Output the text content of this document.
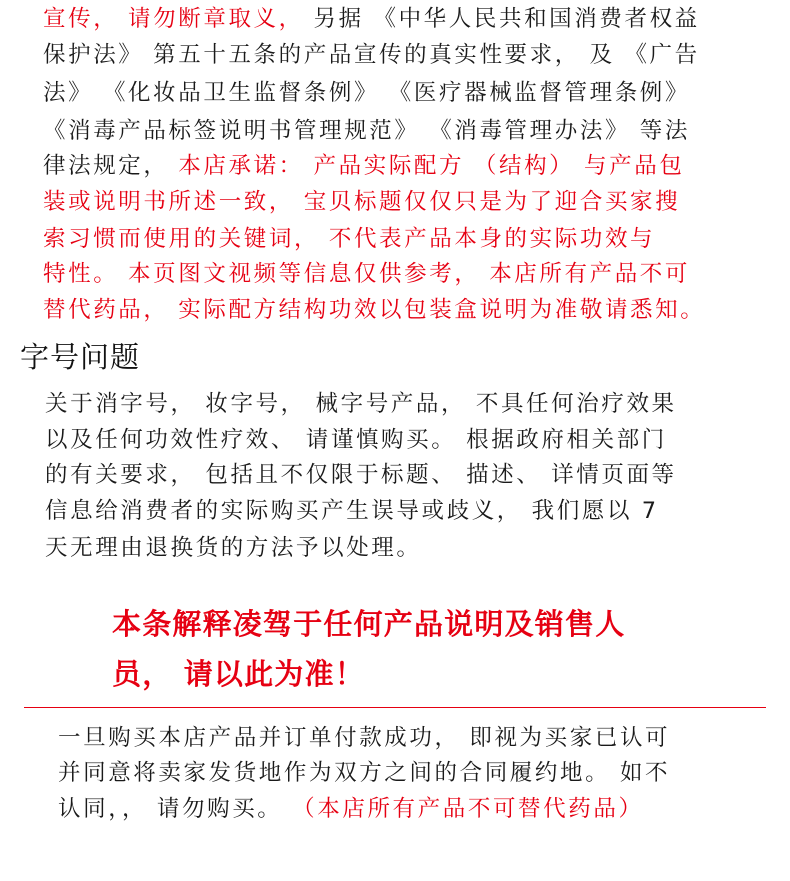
宣传， 请勿断章取义， 另据 《中华人民共和国消费者权益
保护法》 第五十五条的产品宣传的真实性要求， 及 《广告
法》 《化妆品卫生监督条例》 《医疗器械监督管理条例》
《消毒产品标签说明书管理规范》 《消毒管理办法》 等法
律法规定， 本店承诺： 产品实际配方 （结构） 与产品包
装或说明书所述一致， 宝贝标题仅仅只是为了迎合买家搜
索习惯而使用的关键词， 不代表产品本身的实际功效与
特性。 本页图文视频等信息仅供参考， 本店所有产品不可
替代药品， 实际配方结构功效以包装盒说明为准敬请悉知。
字号问题
关于消字号， 妆字号， 械字号产品， 不具任何治疗效果
以及任何功效性疗效、 请谨慎购买。 根据政府相关部门
的有关要求， 包括且不仅限于标题、 描述、 详情页面等
信息给消费者的实际购买产生误导或歧义， 我们愿以 7
天无理由退换货的方法予以处理。
本条解释凌驾于任何产品说明及销售人
员， 请以此为准！
一旦购买本店产品并订单付款成功， 即视为买家已认可
并同意将卖家发货地作为双方之间的合同履约地。 如不
认同，， 请勿购买。 （本店所有产品不可替代药品）
